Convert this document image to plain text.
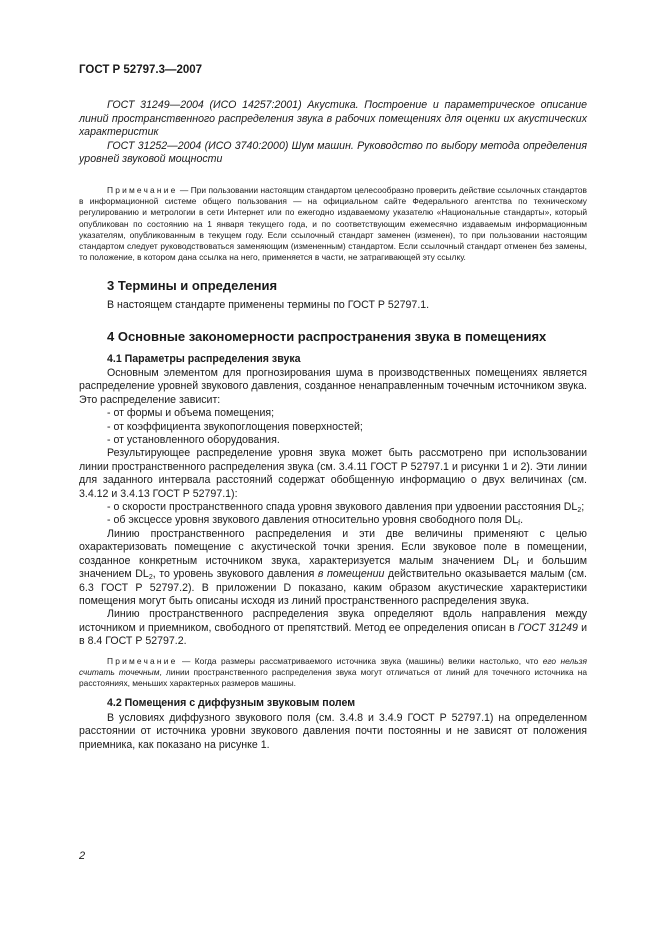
ГОСТ Р 52797.3—2007

ГОСТ 31249—2004 (ИСО 14257:2001) Акустика. Построение и параметрическое описание линий пространственного распределения звука в рабочих помещениях для оценки их акустических характеристик

ГОСТ 31252—2004 (ИСО 3740:2000) Шум машин. Руководство по выбору метода определения уровней звуковой мощности

Примечание — При пользовании настоящим стандартом целесообразно проверить действие ссылочных стандартов в информационной системе общего пользования — на официальном сайте Федерального агентства по техническому регулированию и метрологии в сети Интернет или по ежегодно издаваемому указателю «Национальные стандарты», который опубликован по состоянию на 1 января текущего года, и по соответствующим ежемесячно издаваемым информационным указателям, опубликованным в текущем году. Если ссылочный стандарт заменен (изменен), то при пользовании настоящим стандартом следует руководствоваться заменяющим (измененным) стандартом. Если ссылочный стандарт отменен без замены, то положение, в котором дана ссылка на него, применяется в части, не затрагивающей эту ссылку.

3 Термины и определения

В настоящем стандарте применены термины по ГОСТ Р 52797.1.

4 Основные закономерности распространения звука в помещениях
4.1 Параметры распределения звука

Основным элементом для прогнозирования шума в производственных помещениях является распределение уровней звукового давления, созданное ненаправленным точечным источником звука. Это распределение зависит:

- от формы и объема помещения;

- от коэффициента звукопоглощения поверхностей;

- от установленного оборудования.

Результирующее распределение уровня звука может быть рассмотрено при использовании линии пространственного распределения звука (см. 3.4.11 ГОСТ Р 52797.1 и рисунки 1 и 2). Эти линии для заданного интервала расстояний содержат обобщенную информацию о двух величинах (см. 3.4.12 и 3.4.13 ГОСТ Р 52797.1):

- о скорости пространственного спада уровня звукового давления при удвоении расстояния $DL_2$;

- об эксцессе уровня звукового давления относительно уровня свободного поля $DL_f$.

Линию пространственного распределения и эти две величины применяют с целью охарактеризовать помещение с акустической точки зрения. Если звуковое поле в помещении, созданное конкретным источником звука, характеризуется малым значением $DL_f$ и большим значением $DL_2$, то уровень звукового давления в помещении действительно оказывается малым (см. 6.3 ГОСТ Р 52797.2). В приложении D показано, каким образом акустические характеристики помещения могут быть описаны исходя из линий пространственного распределения звука.

Линию пространственного распределения звука определяют вдоль направления между источником и приемником, свободного от препятствий. Метод ее определения описан в ГОСТ 31249 и в 8.4 ГОСТ Р 52797.2.

Примечание — Когда размеры рассматриваемого источника звука (машины) велики настолько, что его нельзя считать точечным, линии пространственного распределения звука могут отличаться от линий для точечного источника на расстояниях, меньших характерных размеров машины.

4.2 Помещения с диффузным звуковым полем

В условиях диффузного звукового поля (см. 3.4.8 и 3.4.9 ГОСТ Р 52797.1) на определенном расстоянии от источника уровни звукового давления почти постоянны и не зависят от положения приемника, как показано на рисунке 1.

2
